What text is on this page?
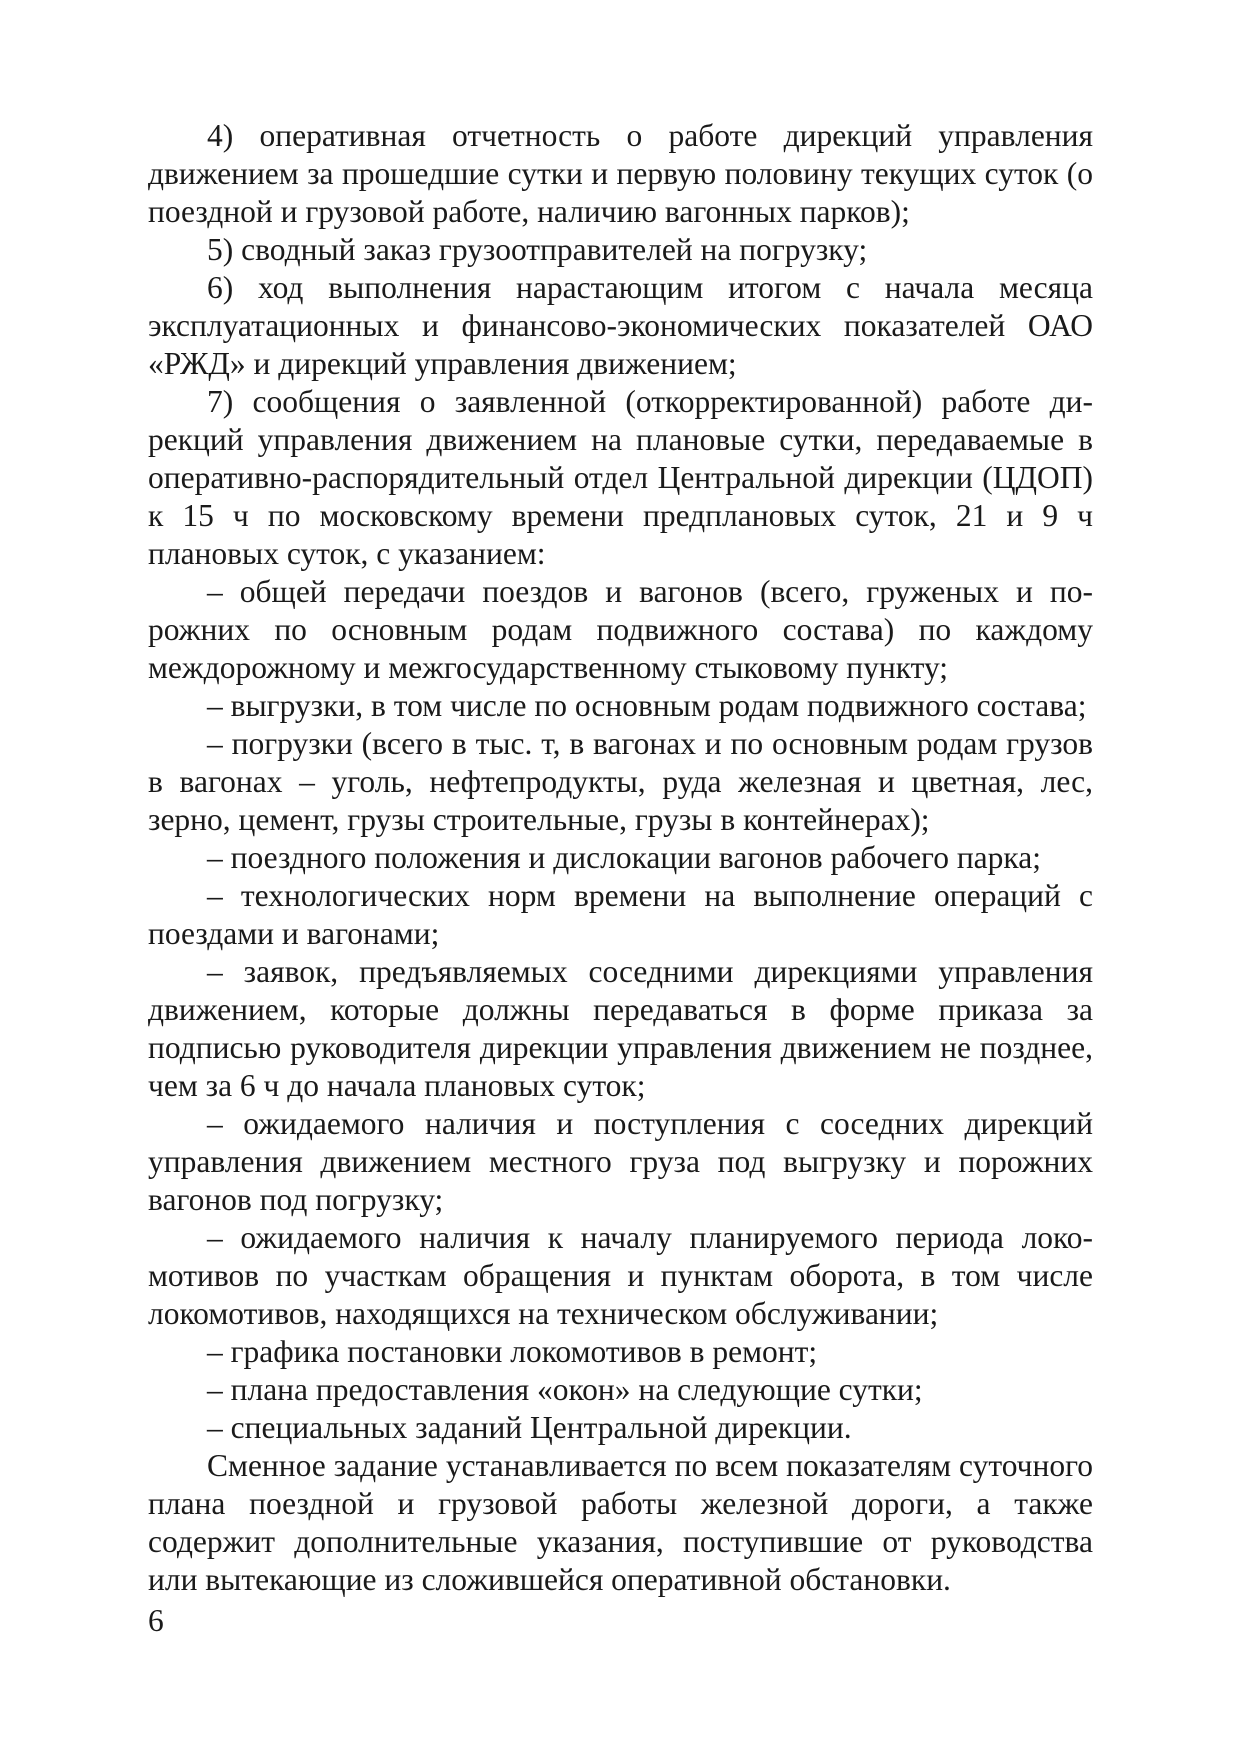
4) оперативная отчетность о работе дирекций управления движением за прошедшие сутки и первую половину текущих суток (о поездной и грузовой работе, наличию вагонных парков);

5) сводный заказ грузоотправителей на погрузку;

6) ход выполнения нарастающим итогом с начала месяца эксплуатационных и финансово-экономических показателей ОАО «РЖД» и дирекций управления движением;

7) сообщения о заявленной (откорректированной) работе дирекций управления движением на плановые сутки, передаваемые в оперативно-распорядительный отдел Центральной дирекции (ЦДОП) к 15 ч по московскому времени предплановых суток, 21 и 9 ч плановых суток, с указанием:

– общей передачи поездов и вагонов (всего, груженых и порожних по основным родам подвижного состава) по каждому междорожному и межгосударственному стыковому пункту;

– выгрузки, в том числе по основным родам подвижного состава;

– погрузки (всего в тыс. т, в вагонах и по основным родам грузов в вагонах – уголь, нефтепродукты, руда железная и цветная, лес, зерно, цемент, грузы строительные, грузы в контейнерах);

– поездного положения и дислокации вагонов рабочего парка;

– технологических норм времени на выполнение операций с поездами и вагонами;

– заявок, предъявляемых соседними дирекциями управления движением, которые должны передаваться в форме приказа за подписью руководителя дирекции управления движением не позднее, чем за 6 ч до начала плановых суток;

– ожидаемого наличия и поступления с соседних дирекций управления движением местного груза под выгрузку и порожних вагонов под погрузку;

– ожидаемого наличия к началу планируемого периода локомотивов по участкам обращения и пунктам оборота, в том числе локомотивов, находящихся на техническом обслуживании;

– графика постановки локомотивов в ремонт;

– плана предоставления «окон» на следующие сутки;

– специальных заданий Центральной дирекции.

Сменное задание устанавливается по всем показателям суточного плана поездной и грузовой работы железной дороги, а также содержит дополнительные указания, поступившие от руководства или вытекающие из сложившейся оперативной обстановки.

6
